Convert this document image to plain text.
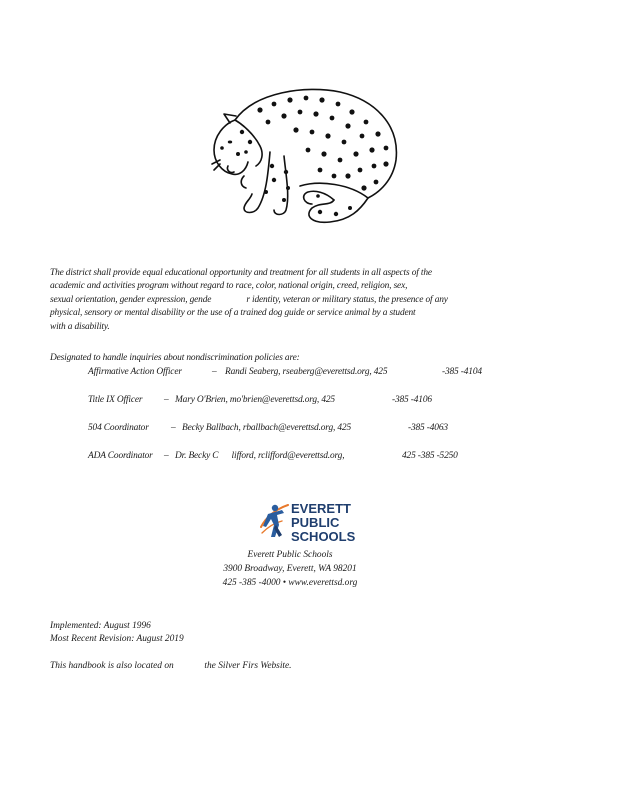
The district shall provide equal educational opportunity and treatment for all students in all aspects of the
academic and activities program without regard to race, color, national origin, creed, religion, sex,
sexual orientation, gender expression, gende                r identity, veteran or military status, the presence of any
physical, sensory or mental disability or the use of a trained dog guide or service animal by a student
with a disability.
Designated to handle inquiries about nondiscrimination policies are:
Affirmative Action Officer	– Randi Seaberg, rseaberg@everettsd.org, 425	-385 -4104
Title IX Officer – Mary O'Brien, mo'brien@everettsd.org, 425	-385 -4106
504 Coordinator – Becky Ballbach, rballbach@everettsd.org, 425	-385 -4063
ADA Coordinator – Dr. Becky C      lifford, rclifford@everettsd.org,	425 -385 -5250
EVERETT
PUBLIC
SCHOOLS
Everett Public Schools
3900 Broadway, Everett, WA 98201
425 -385 -4000 • www.everettsd.org
Implemented: August 1996
Most Recent Revision: August 2019
This handbook is also located on	the Silver Firs Website.
